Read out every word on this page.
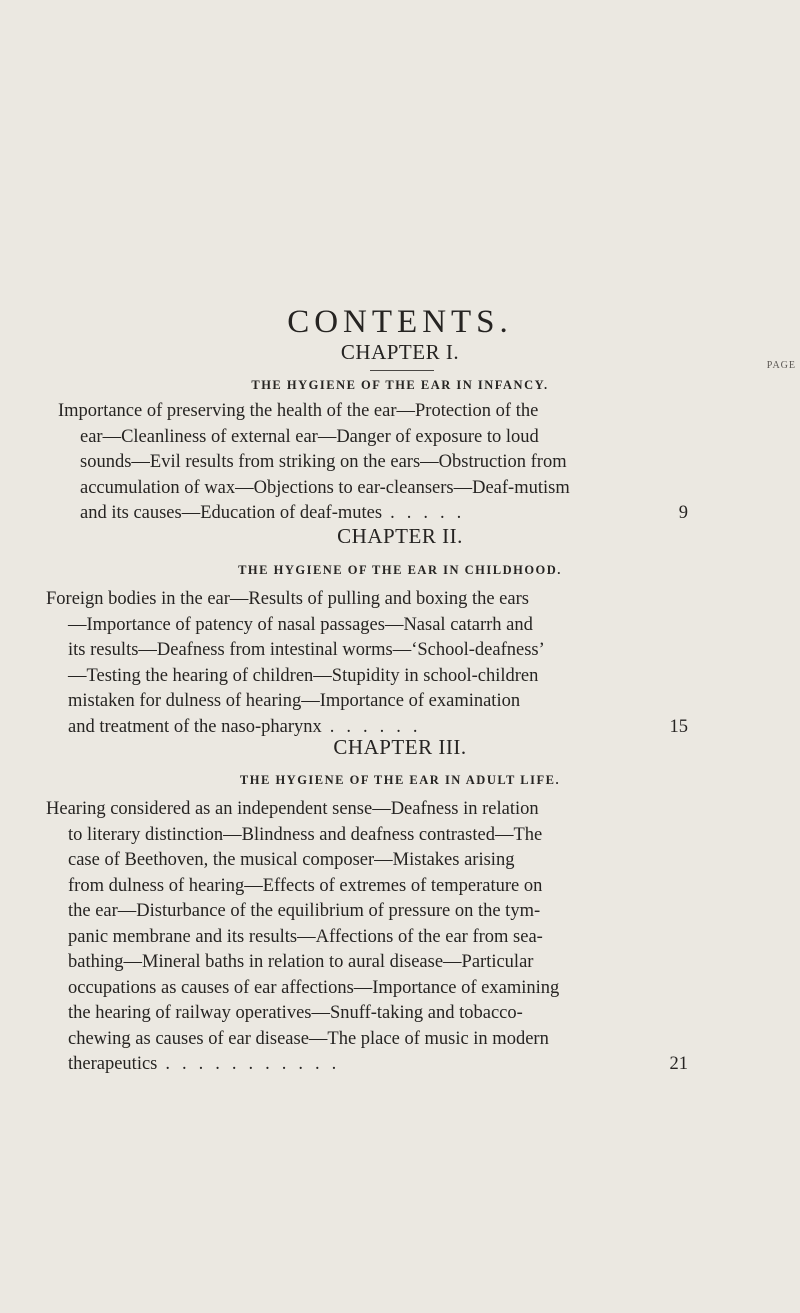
CONTENTS.
PAGE
CHAPTER I.

THE HYGIENE OF THE EAR IN INFANCY.

Importance of preserving the health of the ear—Protection of the
ear—Cleanliness of external ear—Danger of exposure to loud
sounds—Evil results from striking on the ears—Obstruction from
accumulation of wax—Objections to ear-cleansers—Deaf-mutism
and its causes—Education of deaf-mutes .....	9
CHAPTER II.

THE HYGIENE OF THE EAR IN CHILDHOOD.

Foreign bodies in the ear—Results of pulling and boxing the ears
—Importance of patency of nasal passages—Nasal catarrh and
its results—Deafness from intestinal worms—‘School-deafness’
—Testing the hearing of children—Stupidity in school-children
mistaken for dulness of hearing—Importance of examination
and treatment of the naso-pharynx ......	15
CHAPTER III.

THE HYGIENE OF THE EAR IN ADULT LIFE.

Hearing considered as an independent sense—Deafness in relation
to literary distinction—Blindness and deafness contrasted—The
case of Beethoven, the musical composer—Mistakes arising
from dulness of hearing—Effects of extremes of temperature on
the ear—Disturbance of the equilibrium of pressure on the tym-
panic membrane and its results—Affections of the ear from sea-
bathing—Mineral baths in relation to aural disease—Particular
occupations as causes of ear affections—Importance of examining
the hearing of railway operatives—Snuff-taking and tobacco-
chewing as causes of ear disease—The place of music in modern
therapeutics ...........	21
